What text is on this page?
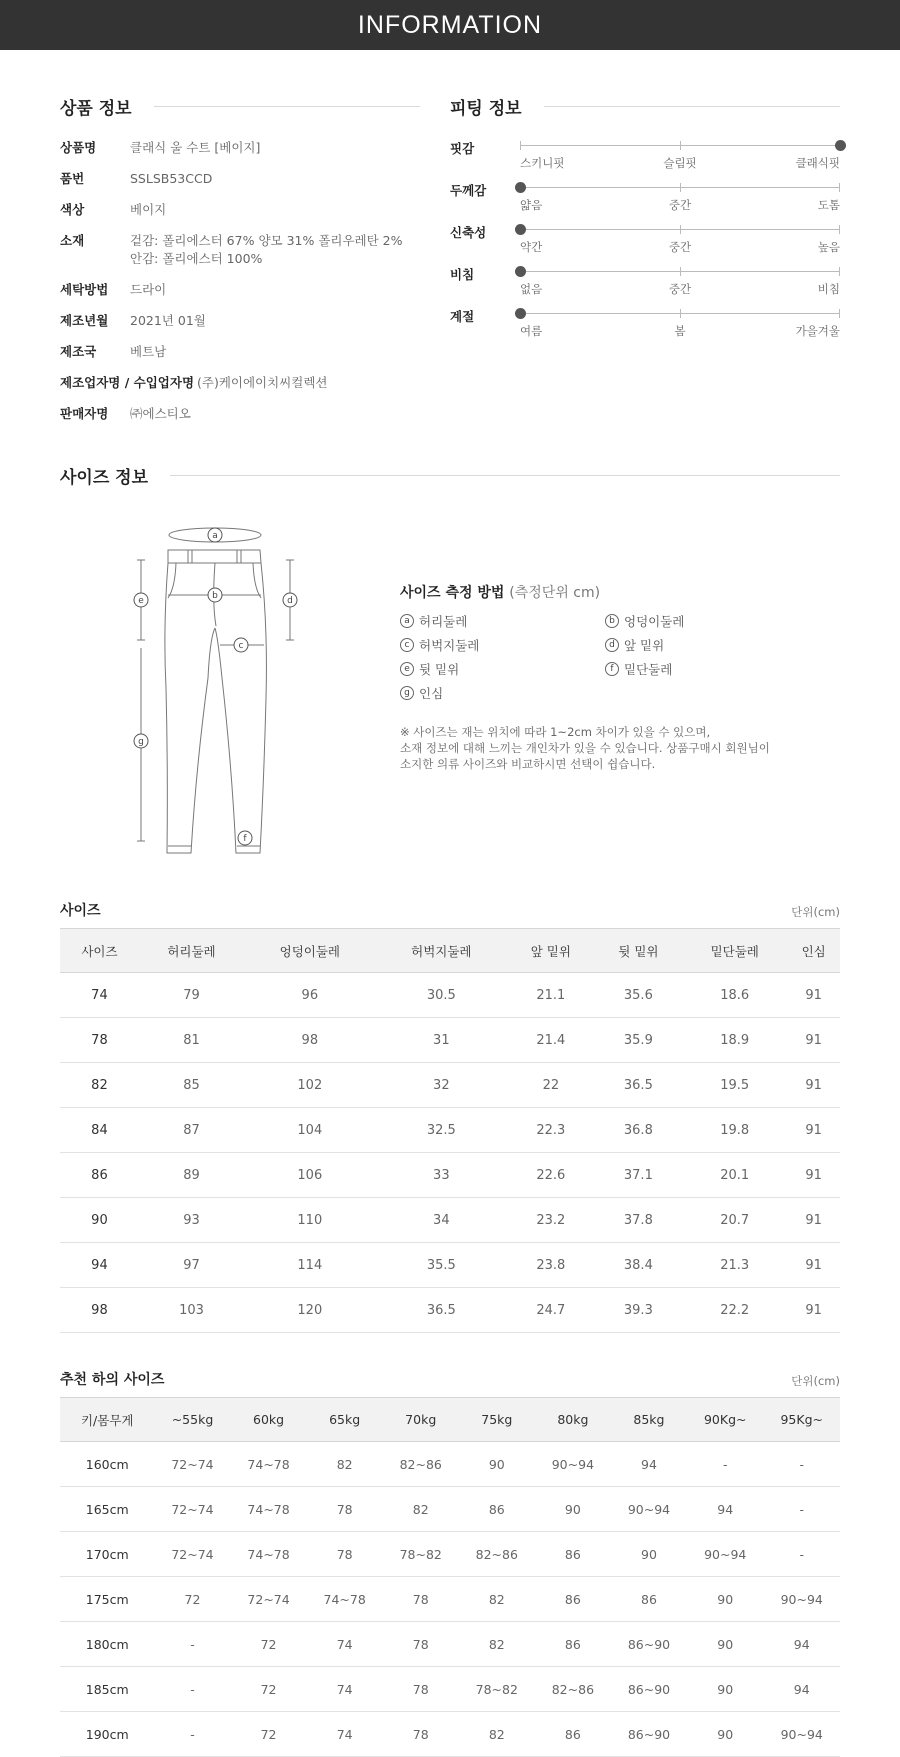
INFORMATION
상품 정보
상품명	클래식 울 수트 [베이지]
품번	SSLSB53CCD
색상	베이지
소재	겉감: 폴리에스터 67% 양모 31% 폴리우레탄 2%
안감: 폴리에스터 100%
세탁방법	드라이
제조년월	2021년 01월
제조국	베트남
제조업자명 / 수입업자명 (주)케이에이치씨컬렉션
판매자명	㈜에스티오
피팅 정보
핏감
스키니핏	슬림핏	클래식핏
두께감
얇음	중간	도톰
신축성
약간	중간	높음
비침
없음	중간	비침
계절
여름	봄	가을겨울
사이즈 정보
a
b
c
d
e
f
g
사이즈 측정 방법 (측정단위 cm)
a 허리둘레	b 엉덩이둘레
c 허벅지둘레	d 앞 밑위
e 뒷 밑위	f 밑단둘레
g 인심
※ 사이즈는 재는 위치에 따라 1~2cm 차이가 있을 수 있으며,
소재 정보에 대해 느끼는 개인차가 있을 수 있습니다. 상품구매시 회원님이
소지한 의류 사이즈와 비교하시면 선택이 쉽습니다.
사이즈	단위(cm)
사이즈	허리둘레	엉덩이둘레	허벅지둘레	앞 밑위	뒷 밑위	밑단둘레	인심
74	79	96	30.5	21.1	35.6	18.6	91
78	81	98	31	21.4	35.9	18.9	91
82	85	102	32	22	36.5	19.5	91
84	87	104	32.5	22.3	36.8	19.8	91
86	89	106	33	22.6	37.1	20.1	91
90	93	110	34	23.2	37.8	20.7	91
94	97	114	35.5	23.8	38.4	21.3	91
98	103	120	36.5	24.7	39.3	22.2	91
추천 하의 사이즈	단위(cm)
키/몸무게	~55kg	60kg	65kg	70kg	75kg	80kg	85kg	90Kg~	95Kg~
160cm	72~74	74~78	82	82~86	90	90~94	94	-	-
165cm	72~74	74~78	78	82	86	90	90~94	94	-
170cm	72~74	74~78	78	78~82	82~86	86	90	90~94	-
175cm	72	72~74	74~78	78	82	86	86	90	90~94
180cm	-	72	74	78	82	86	86~90	90	94
185cm	-	72	74	78	78~82	82~86	86~90	90	94
190cm	-	72	74	78	82	86	86~90	90	90~94
